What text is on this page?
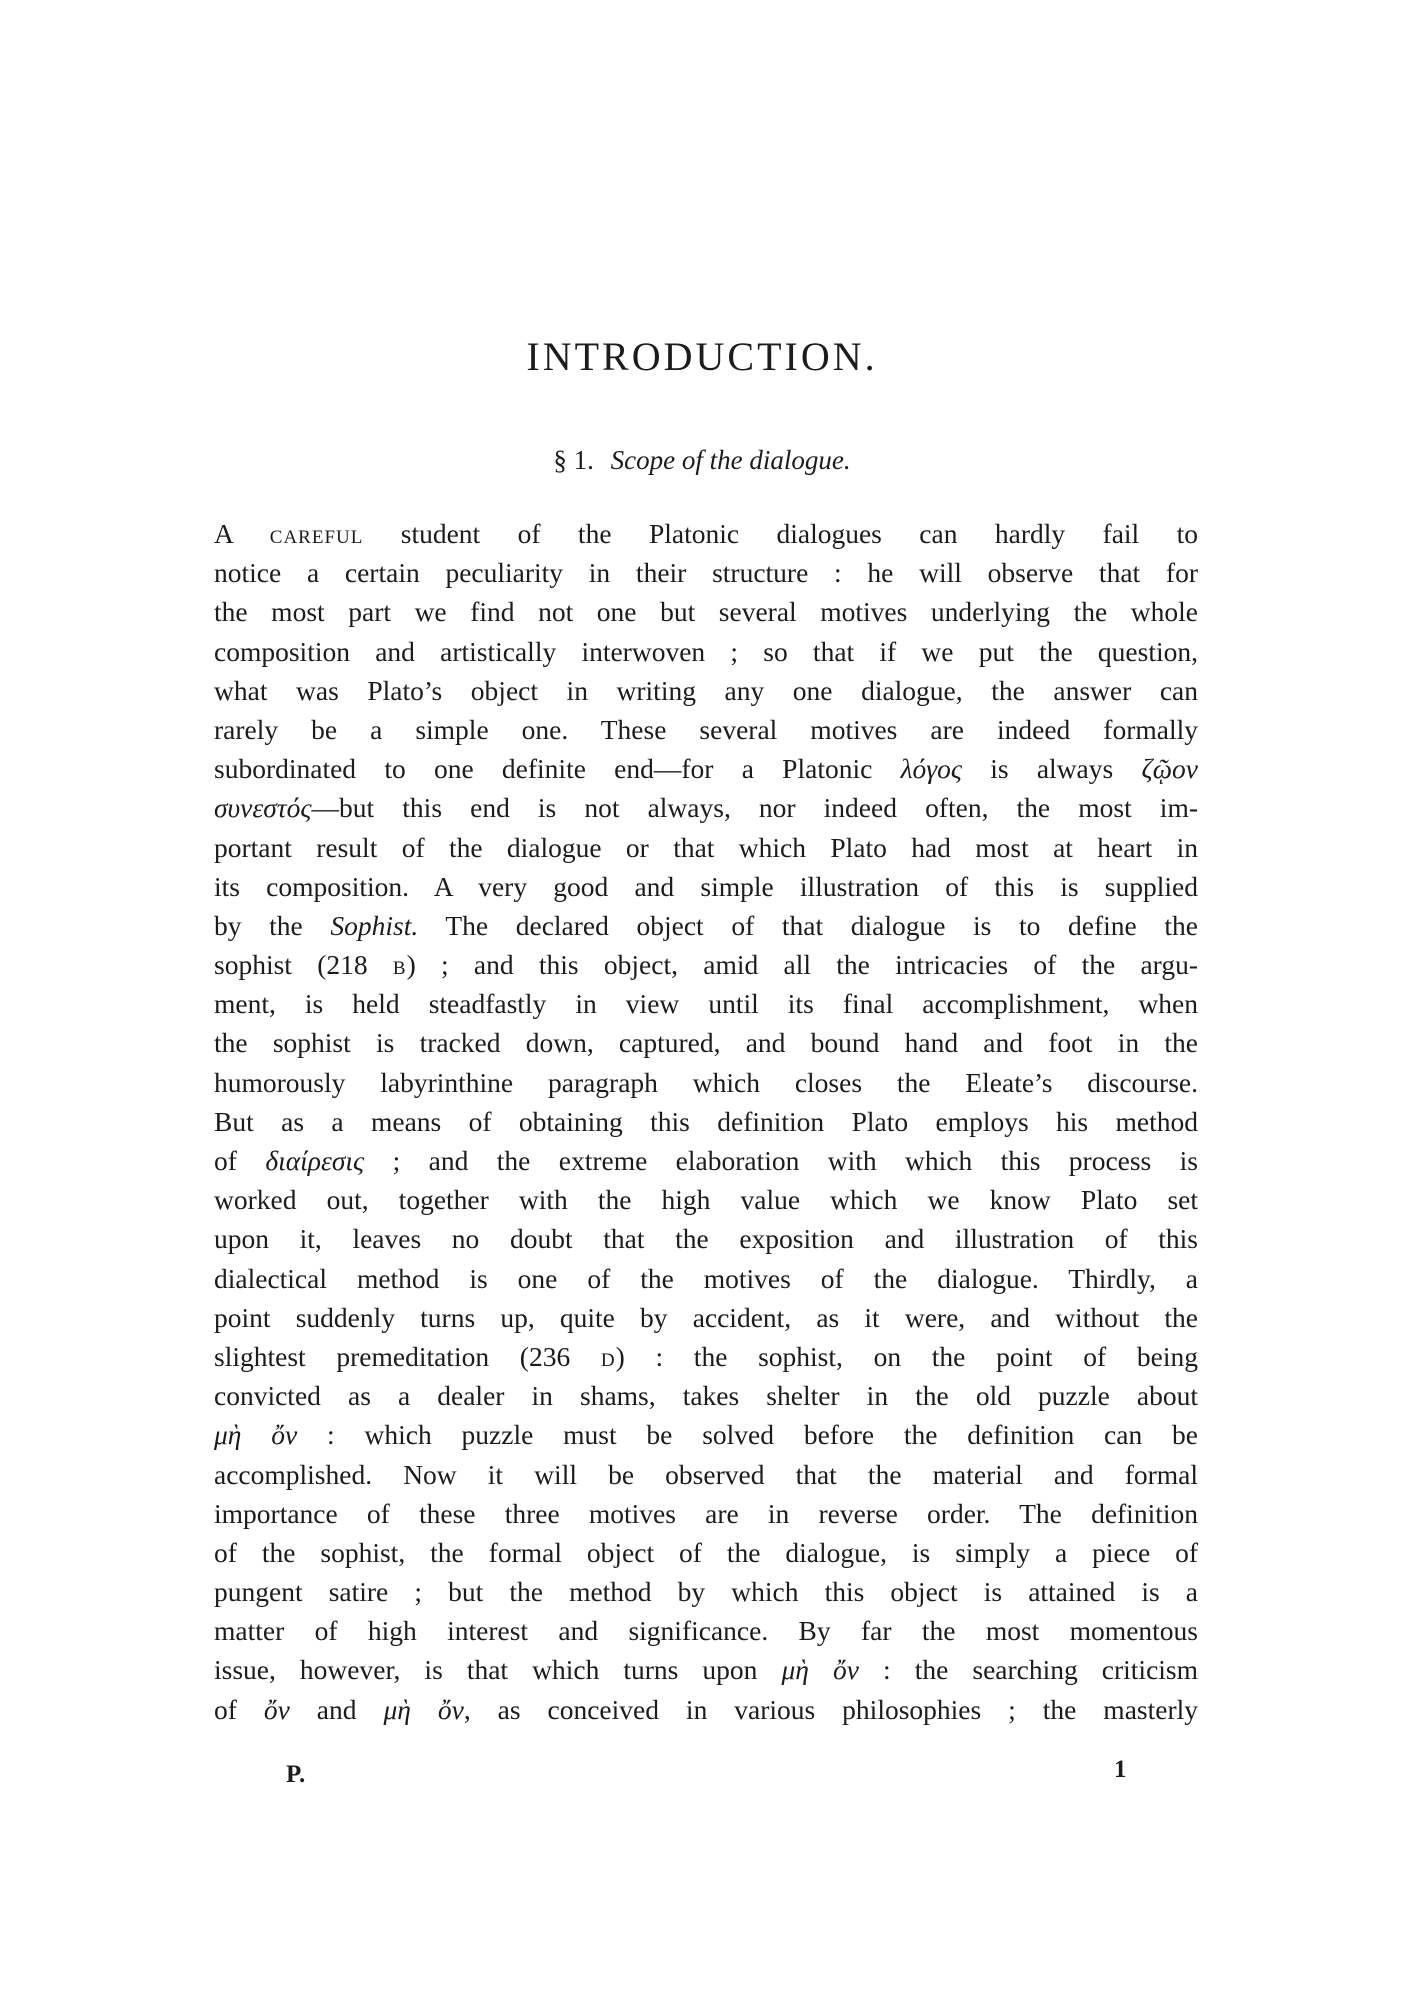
INTRODUCTION.

§ 1. Scope of the dialogue.

A careful student of the Platonic dialogues can hardly fail to
notice a certain peculiarity in their structure : he will observe that for
the most part we find not one but several motives underlying the whole
composition and artistically interwoven ; so that if we put the question,
what was Plato’s object in writing any one dialogue, the answer can
rarely be a simple one. These several motives are indeed formally
subordinated to one definite end—for a Platonic λόγος is always ζῷον
συνεστός—but this end is not always, nor indeed often, the most im-
portant result of the dialogue or that which Plato had most at heart in
its composition. A very good and simple illustration of this is supplied
by the Sophist. The declared object of that dialogue is to define the
sophist (218 b) ; and this object, amid all the intricacies of the argu-
ment, is held steadfastly in view until its final accomplishment, when
the sophist is tracked down, captured, and bound hand and foot in the
humorously labyrinthine paragraph which closes the Eleate’s discourse.
But as a means of obtaining this definition Plato employs his method
of διαίρεσις ; and the extreme elaboration with which this process is
worked out, together with the high value which we know Plato set
upon it, leaves no doubt that the exposition and illustration of this
dialectical method is one of the motives of the dialogue. Thirdly, a
point suddenly turns up, quite by accident, as it were, and without the
slightest premeditation (236 d) : the sophist, on the point of being
convicted as a dealer in shams, takes shelter in the old puzzle about
μὴ ὄν : which puzzle must be solved before the definition can be
accomplished. Now it will be observed that the material and formal
importance of these three motives are in reverse order. The definition
of the sophist, the formal object of the dialogue, is simply a piece of
pungent satire ; but the method by which this object is attained is a
matter of high interest and significance. By far the most momentous
issue, however, is that which turns upon μὴ ὄν : the searching criticism
of ὄν and μὴ ὄν, as conceived in various philosophies ; the masterly

P.	1
